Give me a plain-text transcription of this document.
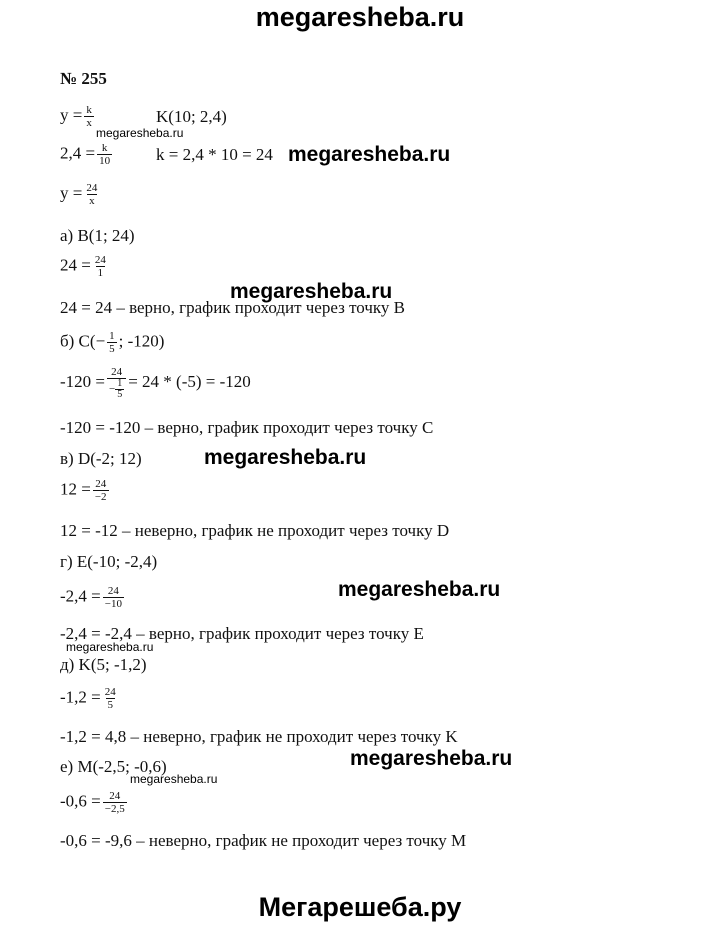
megaresheba.ru
№ 255
$y = \frac{k}{x}$	K(10; 2,4)
megaresheba.ru
$2,4 = \frac{k}{10}$	k = 2,4 * 10 = 24 megaresheba.ru
$y = \frac{24}{x}$
а) B(1; 24)
$24 = \frac{24}{1}$
megaresheba.ru
24 = 24 – верно, график проходит через точку B
б) $C(- \frac{1}{5}$ ; -120)
$-120 = \frac{24}{- \frac{1}{5}} = 24 * (-5) = -120$
-120 = -120 – верно, график проходит через точку C
в) D(-2; 12)	megaresheba.ru
$12 = \frac{24}{-2}$
12 = -12 – неверно, график не проходит через точку D
г) E(-10; -2,4)
$-2,4 = \frac{24}{-10}$	megaresheba.ru
-2,4 = -2,4 – верно, график проходит через точку E
megaresheba.ru
д) K(5; -1,2)
$-1,2 = \frac{24}{5}$
-1,2 = 4,8 – неверно, график не проходит через точку K
е) M(-2,5; -0,6)	megaresheba.ru
megaresheba.ru
$-0,6 = \frac{24}{-2,5}$
-0,6 = -9,6 – неверно, график не проходит через точку M
Мегарешеба.ру
